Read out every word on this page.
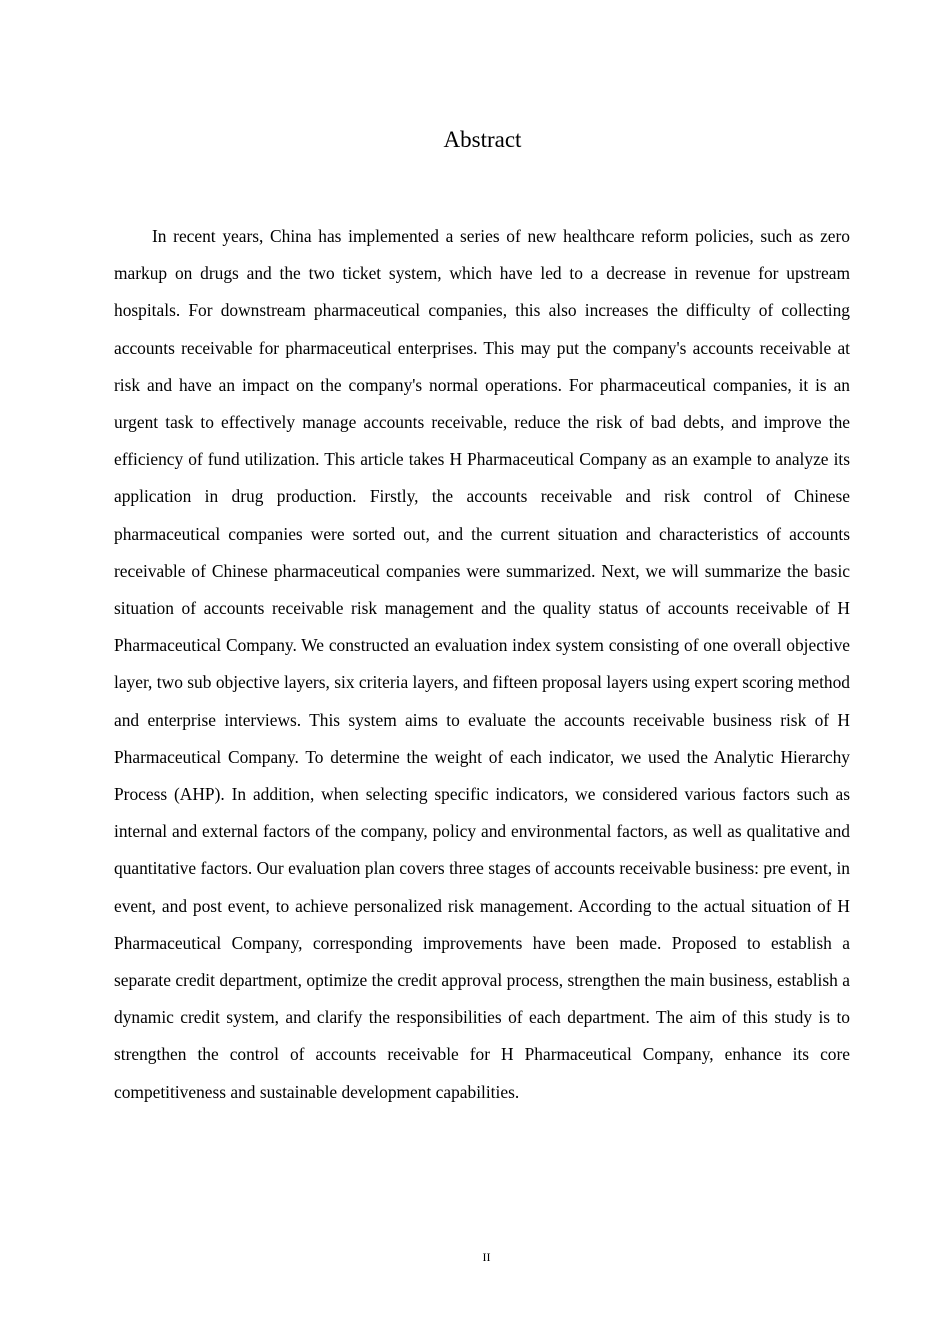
Abstract

In recent years, China has implemented a series of new healthcare reform policies, such as zero markup on drugs and the two ticket system, which have led to a decrease in revenue for upstream hospitals. For downstream pharmaceutical companies, this also increases the difficulty of collecting accounts receivable for pharmaceutical enterprises. This may put the company's accounts receivable at risk and have an impact on the company's normal operations. For pharmaceutical companies, it is an urgent task to effectively manage accounts receivable, reduce the risk of bad debts, and improve the efficiency of fund utilization. This article takes H Pharmaceutical Company as an example to analyze its application in drug production. Firstly, the accounts receivable and risk control of Chinese pharmaceutical companies were sorted out, and the current situation and characteristics of accounts receivable of Chinese pharmaceutical companies were summarized. Next, we will summarize the basic situation of accounts receivable risk management and the quality status of accounts receivable of H Pharmaceutical Company. We constructed an evaluation index system consisting of one overall objective layer, two sub objective layers, six criteria layers, and fifteen proposal layers using expert scoring method and enterprise interviews. This system aims to evaluate the accounts receivable business risk of H Pharmaceutical Company. To determine the weight of each indicator, we used the Analytic Hierarchy Process (AHP). In addition, when selecting specific indicators, we considered various factors such as internal and external factors of the company, policy and environmental factors, as well as qualitative and quantitative factors. Our evaluation plan covers three stages of accounts receivable business: pre event, in event, and post event, to achieve personalized risk management. According to the actual situation of H Pharmaceutical Company, corresponding improvements have been made. Proposed to establish a separate credit department, optimize the credit approval process, strengthen the main business, establish a dynamic credit system, and clarify the responsibilities of each department. The aim of this study is to strengthen the control of accounts receivable for H Pharmaceutical Company, enhance its core competitiveness and sustainable development capabilities.

II
